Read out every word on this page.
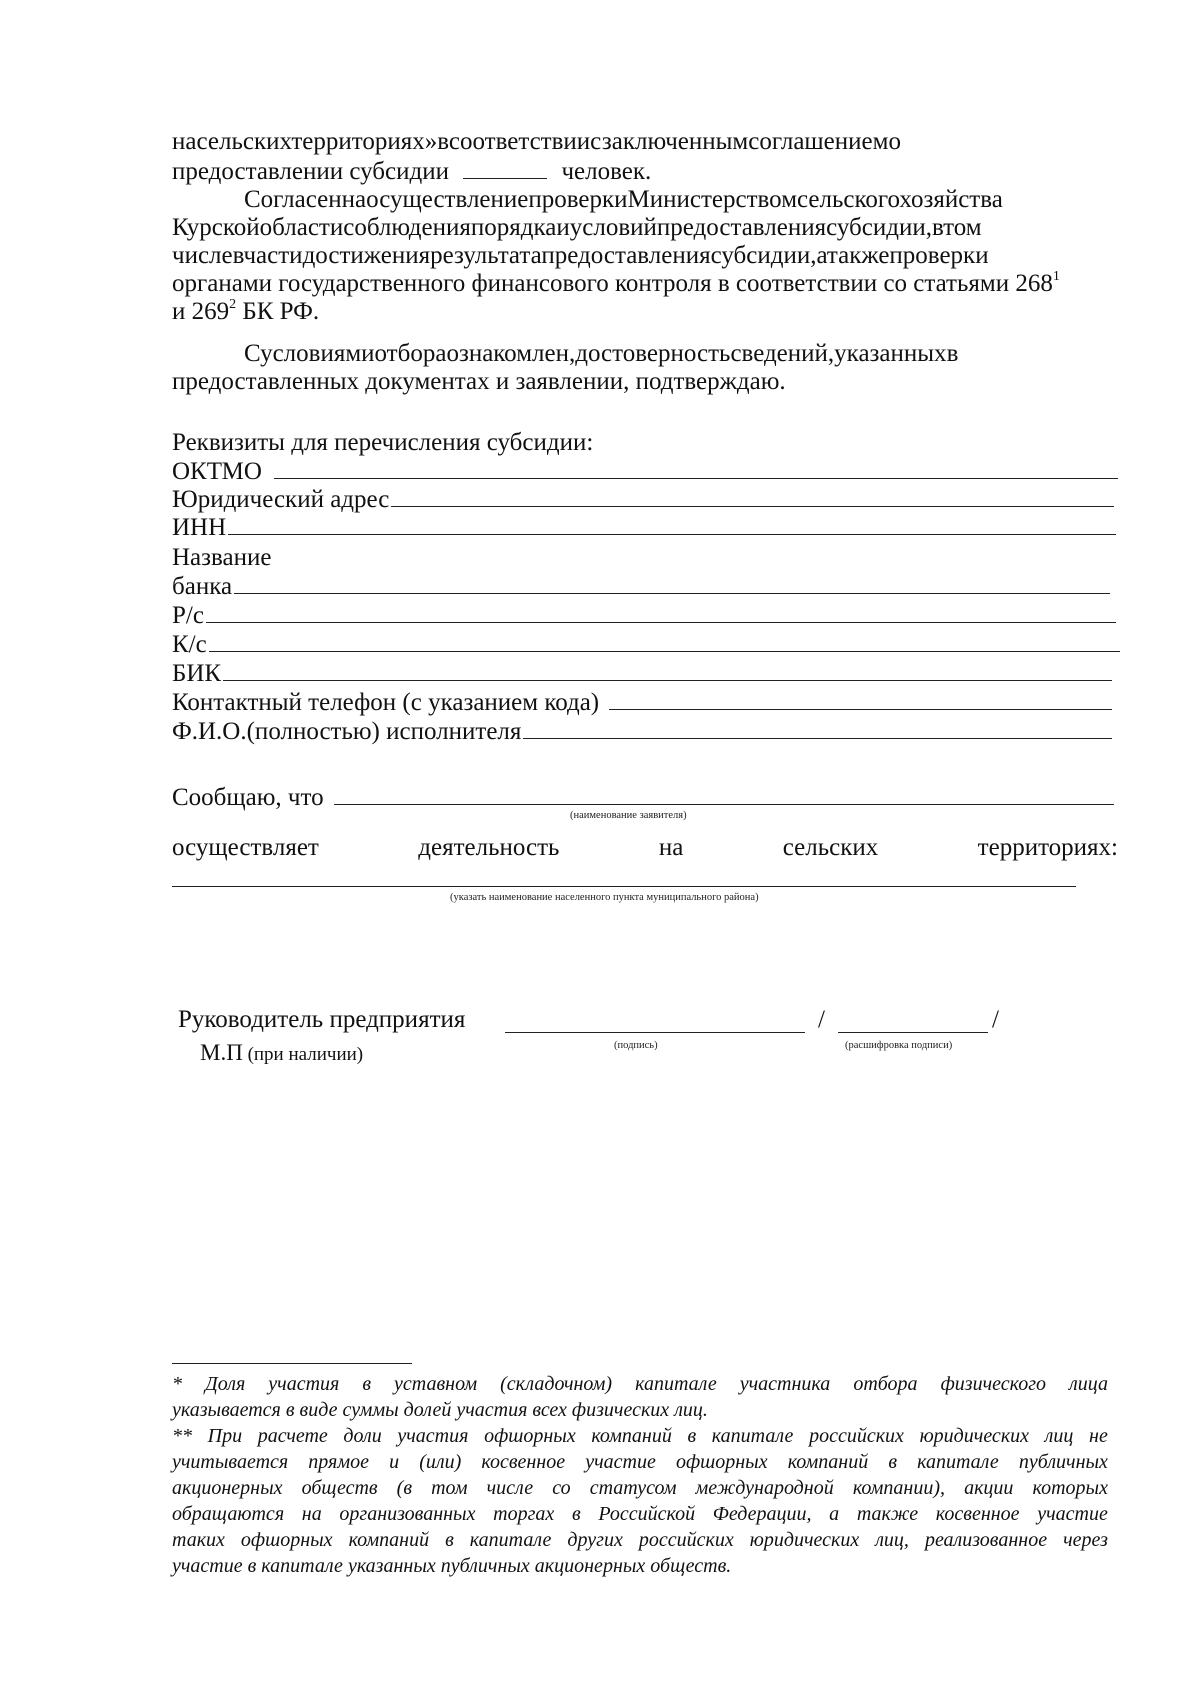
насельскихтерриториях»всоответствиисзаключеннымсоглашениемо
предоставлении субсидии	человек.
СогласеннаосуществлениепроверкиМинистерствомсельскогохозяйства
Курскойобластисоблюденияпорядкаиусловийпредоставлениясубсидии,втом
числевчастидостижениярезультатапредоставлениясубсидии,атакжепроверки
органами государственного финансового контроля в соответствии со статьями $268^1$
и $269^2$ БК РФ.
Сусловиямиотбораознакомлен,достоверностьсведений,указанныхв
предоставленных документах и заявлении, подтверждаю.
Реквизиты для перечисления субсидии:
ОКТМО
Юридический адрес
ИНН
Название
банка
Р/с
К/с
БИК
Контактный телефон (с указанием кода)
Ф.И.О.(полностью) исполнителя
Сообщаю, что
(наименование заявителя)
осуществляет	деятельность	на	сельских	территориях:
(указать наименование населенного пункта муниципального района)
Руководитель предприятия	/	/
(подпись)	(расшифровка подписи)
М.П (при наличии)
* Доля участия в уставном (складочном) капитале участника отбора физического лица
указывается в виде суммы долей участия всех физических лиц.
** При расчете доли участия офшорных компаний в капитале российских юридических лиц не
учитывается прямое и (или) косвенное участие офшорных компаний в капитале публичных
акционерных обществ (в том числе со статусом международной компании), акции которых
обращаются на организованных торгах в Российской Федерации, а также косвенное участие
таких офшорных компаний в капитале других российских юридических лиц, реализованное через
участие в капитале указанных публичных акционерных обществ.
